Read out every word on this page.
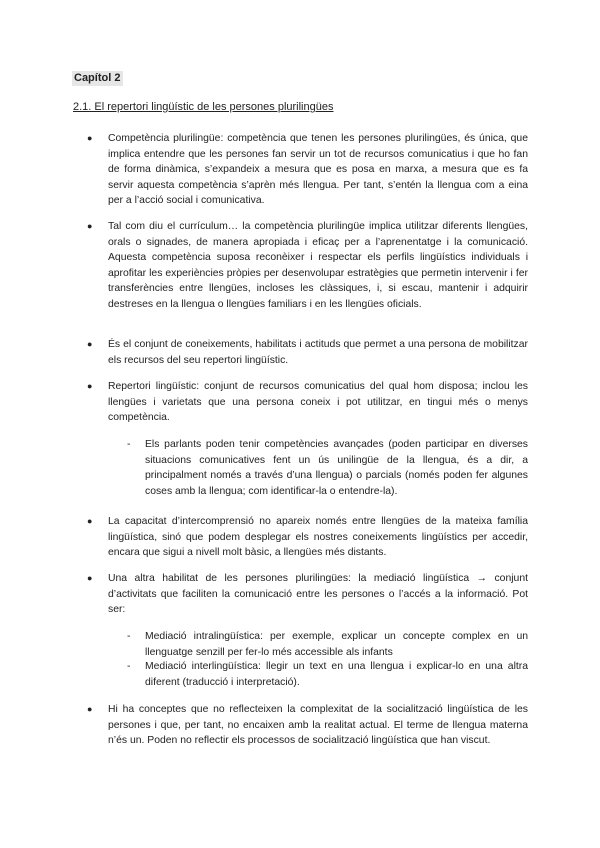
Capítol 2
2.1. El repertori lingüístic de les persones plurilingües
● Competència plurilingüe: competència que tenen les persones plurilingües, és única, que implica entendre que les persones fan servir un tot de recursos comunicatius i que ho fan de forma dinàmica, s’expandeix a mesura que es posa en marxa, a mesura que es fa servir aquesta competència s’aprèn més llengua. Per tant, s’entén la llengua com a eina per a l’acció social i comunicativa.
● Tal com diu el currículum… la competència plurilingüe implica utilitzar diferents llengües, orals o signades, de manera apropiada i eficaç per a l’aprenentatge i la comunicació. Aquesta competència suposa reconèixer i respectar els perfils lingüístics individuals i aprofitar les experiències pròpies per desenvolupar estratègies que permetin intervenir i fer transferències entre llengües, incloses les clàssiques, i, si escau, mantenir i adquirir destreses en la llengua o llengües familiars i en les llengües oficials.
● És el conjunt de coneixements, habilitats i actituds que permet a una persona de mobilitzar els recursos del seu repertori lingüístic.
● Repertori lingüístic: conjunt de recursos comunicatius del qual hom disposa; inclou les llengües i varietats que una persona coneix i pot utilitzar, en tingui més o menys competència.
- Els parlants poden tenir competències avançades (poden participar en diverses situacions comunicatives fent un ús unilingüe de la llengua, és a dir, a principalment només a través d’una llengua) o parcials (només poden fer algunes coses amb la llengua; com identificar-la o entendre-la).
● La capacitat d’intercomprensió no apareix només entre llengües de la mateixa família lingüística, sinó que podem desplegar els nostres coneixements lingüístics per accedir, encara que sigui a nivell molt bàsic, a llengües més distants.
● Una altra habilitat de les persones plurilingües: la mediació lingüística → conjunt d’activitats que faciliten la comunicació entre les persones o l’accés a la informació. Pot ser:
- Mediació intralingüística: per exemple, explicar un concepte complex en un llenguatge senzill per fer-lo més accessible als infants
- Mediació interlingüística: llegir un text en una llengua i explicar-lo en una altra diferent (traducció i interpretació).
● Hi ha conceptes que no reflecteixen la complexitat de la socialització lingüística de les persones i que, per tant, no encaixen amb la realitat actual. El terme de llengua materna n’és un. Poden no reflectir els processos de socialització lingüística que han viscut.
